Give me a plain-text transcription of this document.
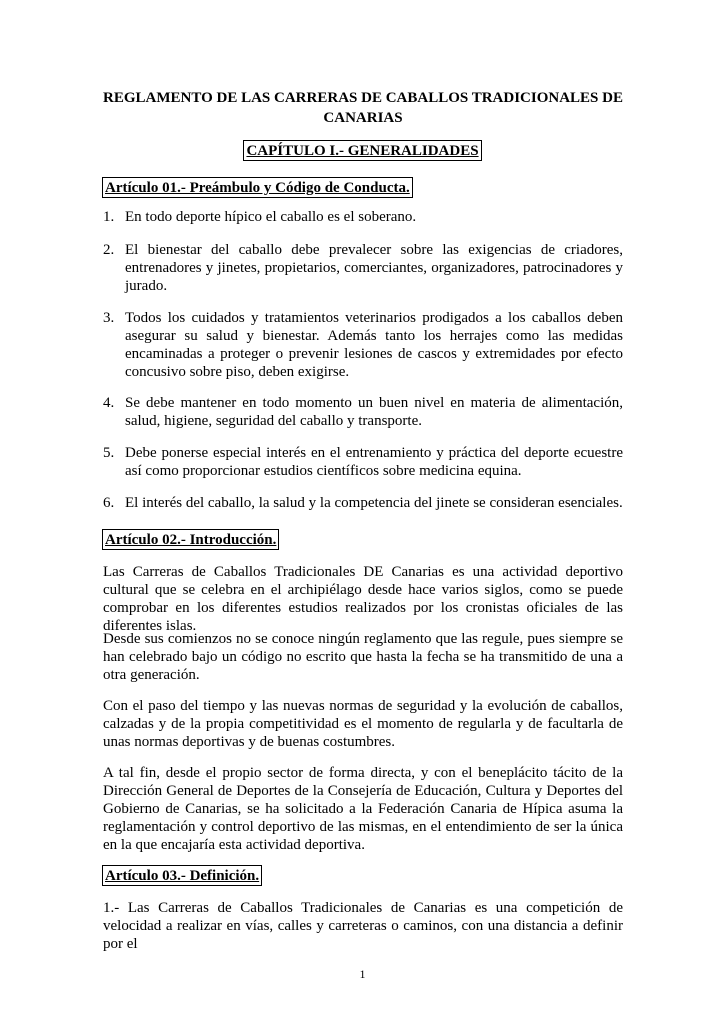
REGLAMENTO DE LAS CARRERAS DE CABALLOS TRADICIONALES DE CANARIAS
CAPÍTULO I.- GENERALIDADES
Artículo 01.- Preámbulo y Código de Conducta.
1. En todo deporte hípico el caballo es el soberano.
2. El bienestar del caballo debe prevalecer sobre las exigencias de criadores, entrenadores y jinetes, propietarios, comerciantes, organizadores, patrocinadores y jurado.
3. Todos los cuidados y tratamientos veterinarios prodigados a los caballos deben asegurar su salud y bienestar. Además tanto los herrajes como las medidas encaminadas a proteger o prevenir lesiones de cascos y extremidades por efecto concusivo sobre piso, deben exigirse.
4. Se debe mantener en todo momento un buen nivel en materia de alimentación, salud, higiene, seguridad del caballo y transporte.
5. Debe ponerse especial interés en el entrenamiento y práctica del deporte ecuestre así como proporcionar estudios científicos sobre medicina equina.
6. El interés del caballo, la salud y la competencia del jinete se consideran esenciales.
Artículo 02.- Introducción.
Las Carreras de Caballos Tradicionales DE Canarias es una actividad deportivo cultural que se celebra en el archipiélago desde hace varios siglos, como se puede comprobar en los diferentes estudios realizados por los cronistas oficiales de las diferentes islas.
Desde sus comienzos no se conoce ningún reglamento que las regule, pues siempre se han celebrado bajo un código no escrito que hasta la fecha se ha transmitido de una a otra generación.
Con el paso del tiempo y las nuevas normas de seguridad y la evolución de caballos, calzadas y de la propia competitividad es el momento de regularla y de facultarla de unas normas deportivas y de buenas costumbres.
A tal fin, desde el propio sector de forma directa, y con el beneplácito tácito de la Dirección General de Deportes de la Consejería de Educación, Cultura y Deportes del Gobierno de Canarias, se ha solicitado a la Federación Canaria de Hípica asuma la reglamentación y control deportivo de las mismas, en el entendimiento de ser la única en la que encajaría esta actividad deportiva.
Artículo 03.- Definición.
1.- Las Carreras de Caballos Tradicionales de Canarias es una competición de velocidad a realizar en vías, calles y carreteras o caminos, con una distancia a definir por el
1
